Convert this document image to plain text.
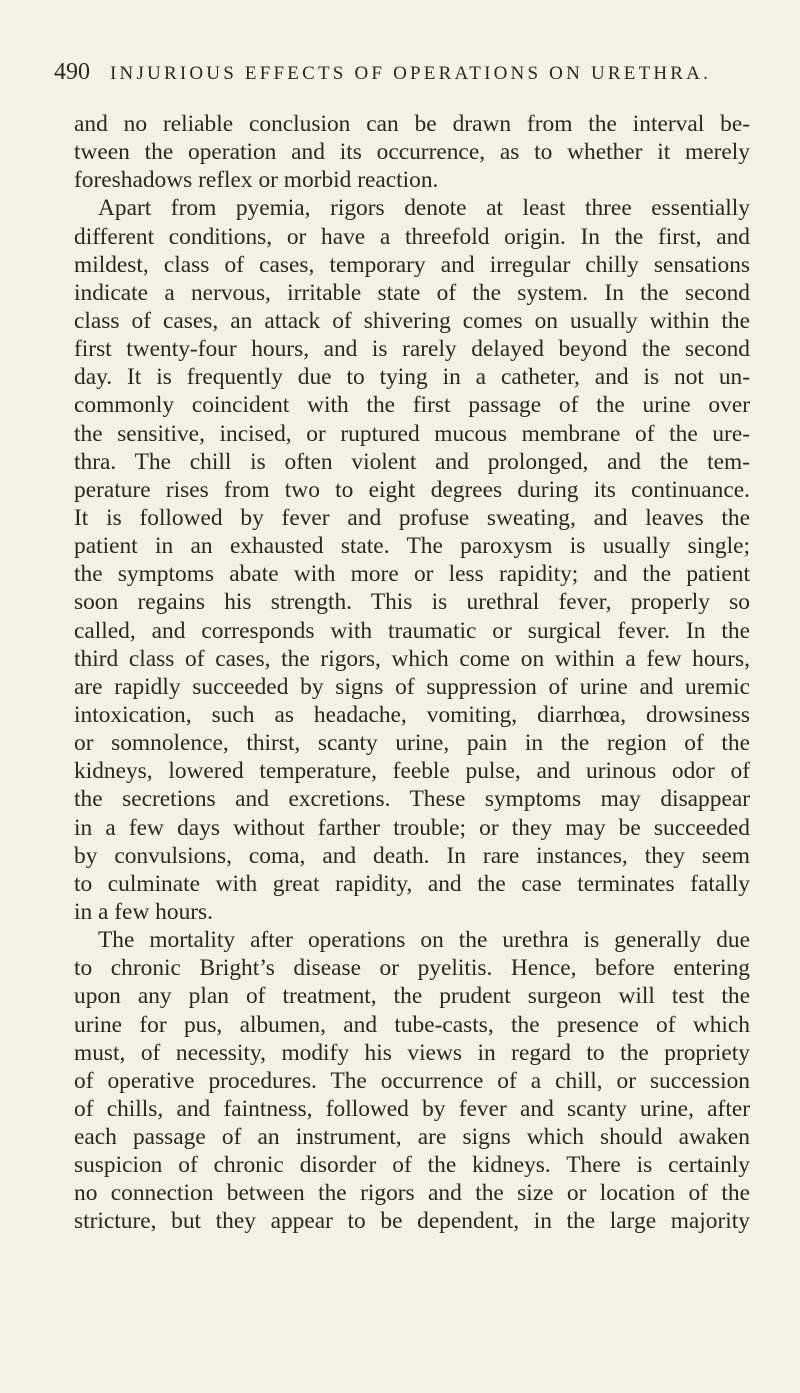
490 INJURIOUS EFFECTS OF OPERATIONS ON URETHRA.
and no reliable conclusion can be drawn from the interval be-
tween the operation and its occurrence, as to whether it merely
foreshadows reflex or morbid reaction.
Apart from pyemia, rigors denote at least three essentially
different conditions, or have a threefold origin. In the first, and
mildest, class of cases, temporary and irregular chilly sensations
indicate a nervous, irritable state of the system. In the second
class of cases, an attack of shivering comes on usually within the
first twenty-four hours, and is rarely delayed beyond the second
day. It is frequently due to tying in a catheter, and is not un-
commonly coincident with the first passage of the urine over
the sensitive, incised, or ruptured mucous membrane of the ure-
thra. The chill is often violent and prolonged, and the tem-
perature rises from two to eight degrees during its continuance.
It is followed by fever and profuse sweating, and leaves the
patient in an exhausted state. The paroxysm is usually single;
the symptoms abate with more or less rapidity; and the patient
soon regains his strength. This is urethral fever, properly so
called, and corresponds with traumatic or surgical fever. In the
third class of cases, the rigors, which come on within a few hours,
are rapidly succeeded by signs of suppression of urine and uremic
intoxication, such as headache, vomiting, diarrhœa, drowsiness
or somnolence, thirst, scanty urine, pain in the region of the
kidneys, lowered temperature, feeble pulse, and urinous odor of
the secretions and excretions. These symptoms may disappear
in a few days without farther trouble; or they may be succeeded
by convulsions, coma, and death. In rare instances, they seem
to culminate with great rapidity, and the case terminates fatally
in a few hours.
The mortality after operations on the urethra is generally due
to chronic Bright’s disease or pyelitis. Hence, before entering
upon any plan of treatment, the prudent surgeon will test the
urine for pus, albumen, and tube-casts, the presence of which
must, of necessity, modify his views in regard to the propriety
of operative procedures. The occurrence of a chill, or succession
of chills, and faintness, followed by fever and scanty urine, after
each passage of an instrument, are signs which should awaken
suspicion of chronic disorder of the kidneys. There is certainly
no connection between the rigors and the size or location of the
stricture, but they appear to be dependent, in the large majority
